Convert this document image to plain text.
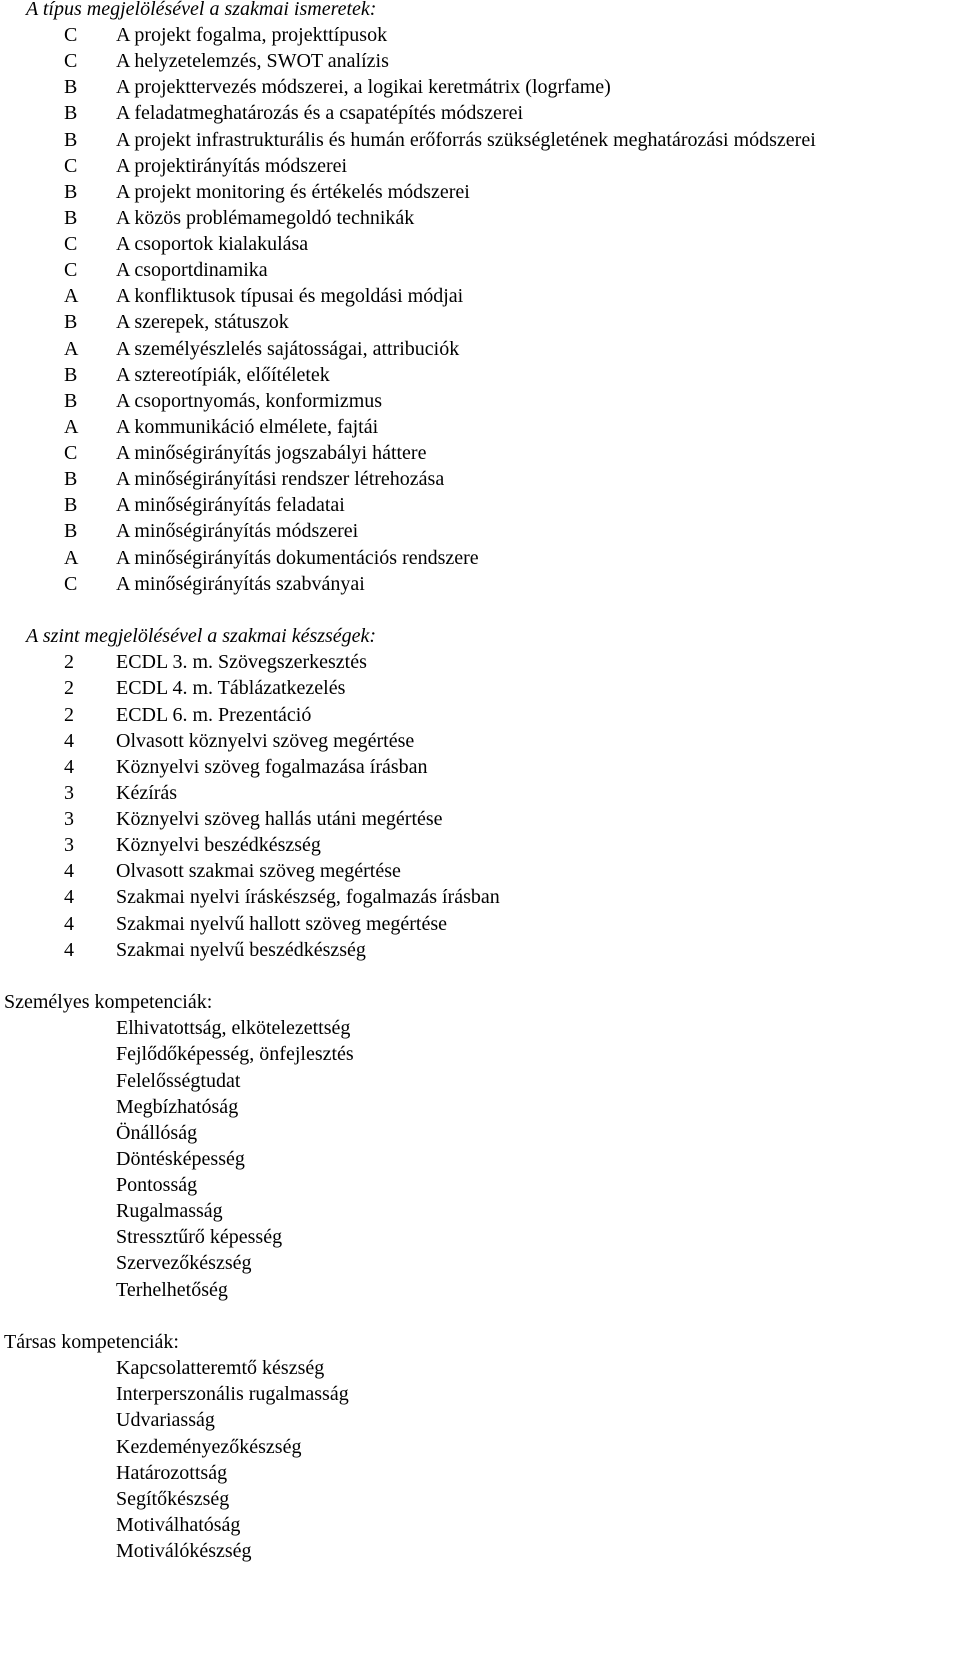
A típus megjelölésével a szakmai ismeretek:
C	A projekt fogalma, projekttípusok
C	A helyzetelemzés, SWOT analízis
B	A projekttervezés módszerei, a logikai keretmátrix (logrfame)
B	A feladatmeghatározás és a csapatépítés módszerei
B	A projekt infrastrukturális és humán erőforrás szükségletének meghatározási módszerei
C	A projektirányítás módszerei
B	A projekt monitoring és értékelés módszerei
B	A közös problémamegoldó technikák
C	A csoportok kialakulása
C	A csoportdinamika
A	A konfliktusok típusai és megoldási módjai
B	A szerepek, státuszok
A	A személyészlelés sajátosságai, attribuciók
B	A sztereotípiák, előítéletek
B	A csoportnyomás, konformizmus
A	A kommunikáció elmélete, fajtái
C	A minőségirányítás jogszabályi háttere
B	A minőségirányítási rendszer létrehozása
B	A minőségirányítás feladatai
B	A minőségirányítás módszerei
A	A minőségirányítás dokumentációs rendszere
C	A minőségirányítás szabványai
A szint megjelölésével a szakmai készségek:
2	ECDL 3. m. Szövegszerkesztés
2	ECDL 4. m. Táblázatkezelés
2	ECDL 6. m. Prezentáció
4	Olvasott köznyelvi szöveg megértése
4	Köznyelvi szöveg fogalmazása írásban
3	Kézírás
3	Köznyelvi szöveg hallás utáni megértése
3	Köznyelvi beszédkészség
4	Olvasott szakmai szöveg megértése
4	Szakmai nyelvi íráskészség, fogalmazás írásban
4	Szakmai nyelvű hallott szöveg megértése
4	Szakmai nyelvű beszédkészség
Személyes kompetenciák:
Elhivatottság, elkötelezettség
Fejlődőképesség, önfejlesztés
Felelősségtudat
Megbízhatóság
Önállóság
Döntésképesség
Pontosság
Rugalmasság
Stressztűrő képesség
Szervezőkészség
Terhelhetőség
Társas kompetenciák:
Kapcsolatteremtő készség
Interperszonális rugalmasság
Udvariasság
Kezdeményezőkészség
Határozottság
Segítőkészség
Motiválhatóság
Motiválókészség
